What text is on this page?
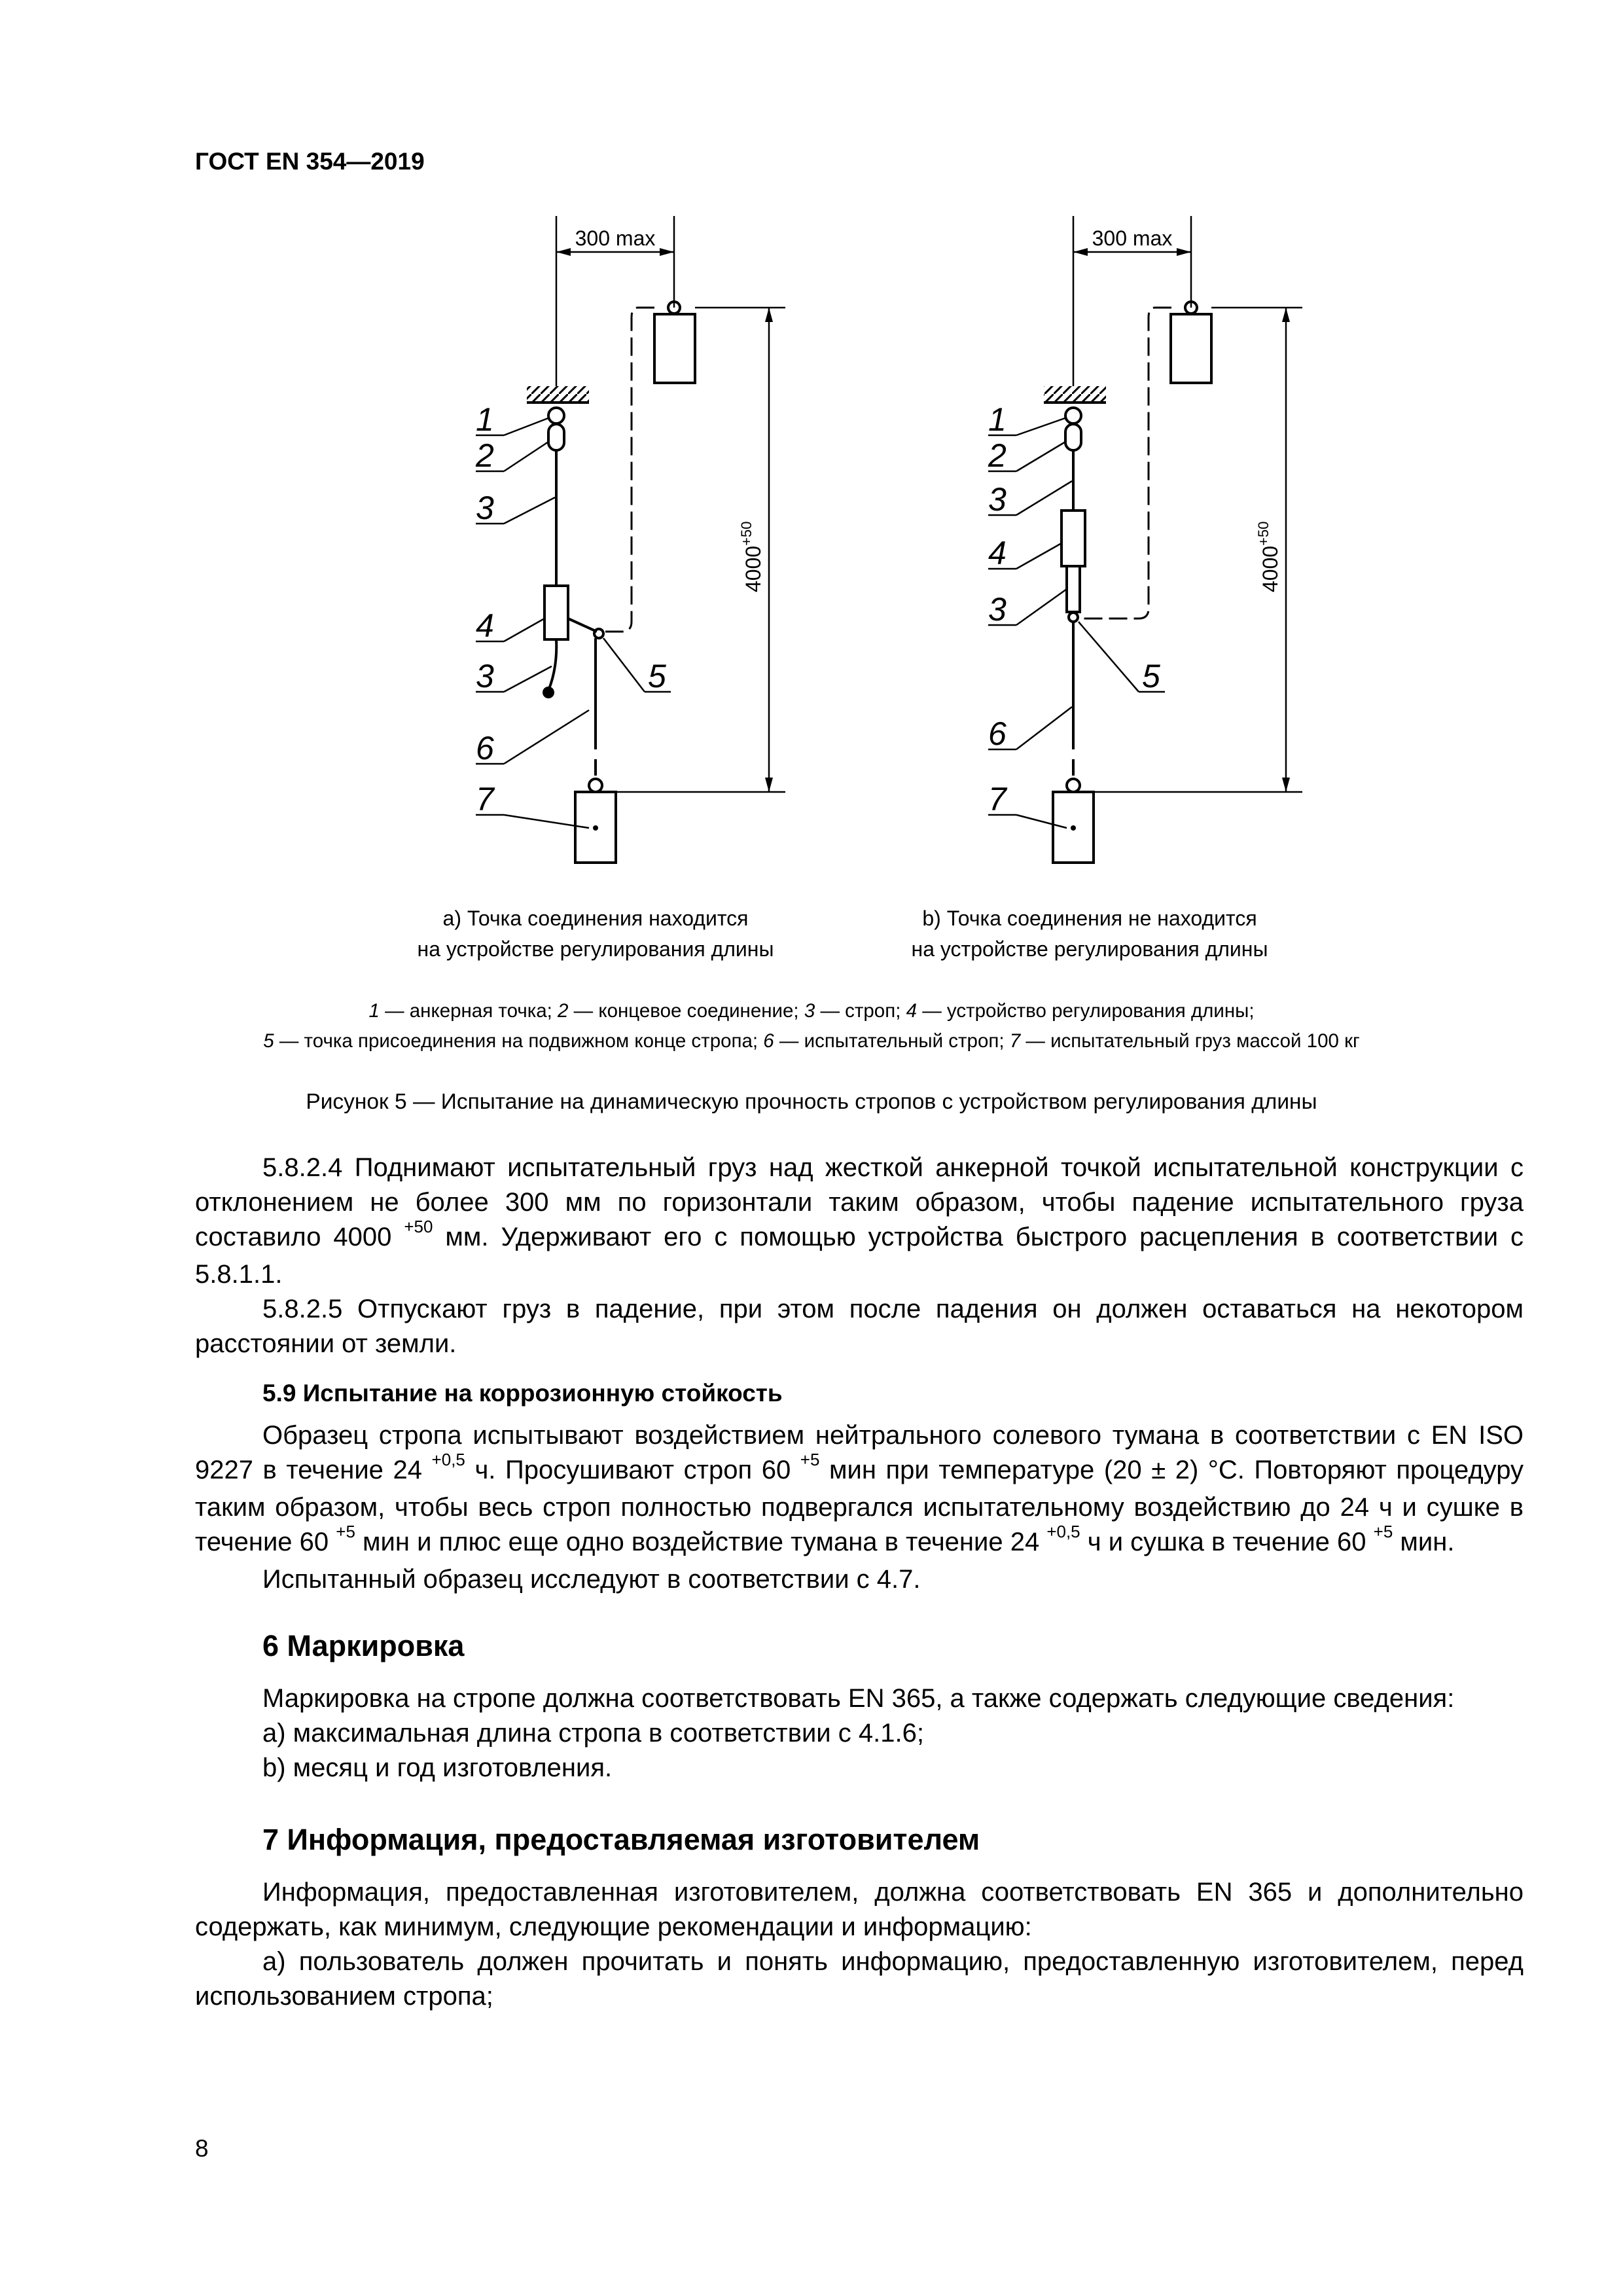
ГОСТ EN 354—2019
300 max
$4000^{+50}$
1
2
3
4
3
6
7
5
300 max
$4000^{+50}$
1
2
3
4
3
6
7
5
а) Точка соединения находится
на устройстве регулирования длины
b) Точка соединения не находится
на устройстве регулирования длины
1 — анкерная точка; 2 — концевое соединение; 3 — строп; 4 — устройство регулирования длины;
5 — точка присоединения на подвижном конце стропа; 6 — испытательный строп; 7 — испытательный груз массой 100 кг
Рисунок 5 — Испытание на динамическую прочность стропов с устройством регулирования длины

5.8.2.4 Поднимают испытательный груз над жесткой анкерной точкой испытательной конструкции с отклонением не более 300 мм по горизонтали таким образом, чтобы падение испытательного груза составило 4000 $^{+50}$ мм. Удерживают его с помощью устройства быстрого расцепления в соответствии с 5.8.1.1.

5.8.2.5 Отпускают груз в падение, при этом после падения он должен оставаться на некотором расстоянии от земли.

5.9 Испытание на коррозионную стойкость

Образец стропа испытывают воздействием нейтрального солевого тумана в соответствии с EN ISO 9227 в течение 24 $^{+0,5}$ ч. Просушивают строп 60 $^{+5}$ мин при температуре (20 ± 2) °С. Повторяют процедуру таким образом, чтобы весь строп полностью подвергался испытательному воздействию до 24 ч и сушке в течение 60 $^{+5}$ мин и плюс еще одно воздействие тумана в течение 24 $^{+0,5}$ ч и сушка в течение 60 $^{+5}$ мин.

Испытанный образец исследуют в соответствии с 4.7.

6 Маркировка

Маркировка на стропе должна соответствовать EN 365, а также содержать следующие сведения:

а) максимальная длина стропа в соответствии с 4.1.6;

b) месяц и год изготовления.

7 Информация, предоставляемая изготовителем

Информация, предоставленная изготовителем, должна соответствовать EN 365 и дополнительно содержать, как минимум, следующие рекомендации и информацию:

а) пользователь должен прочитать и понять информацию, предоставленную изготовителем, перед использованием стропа;

8
